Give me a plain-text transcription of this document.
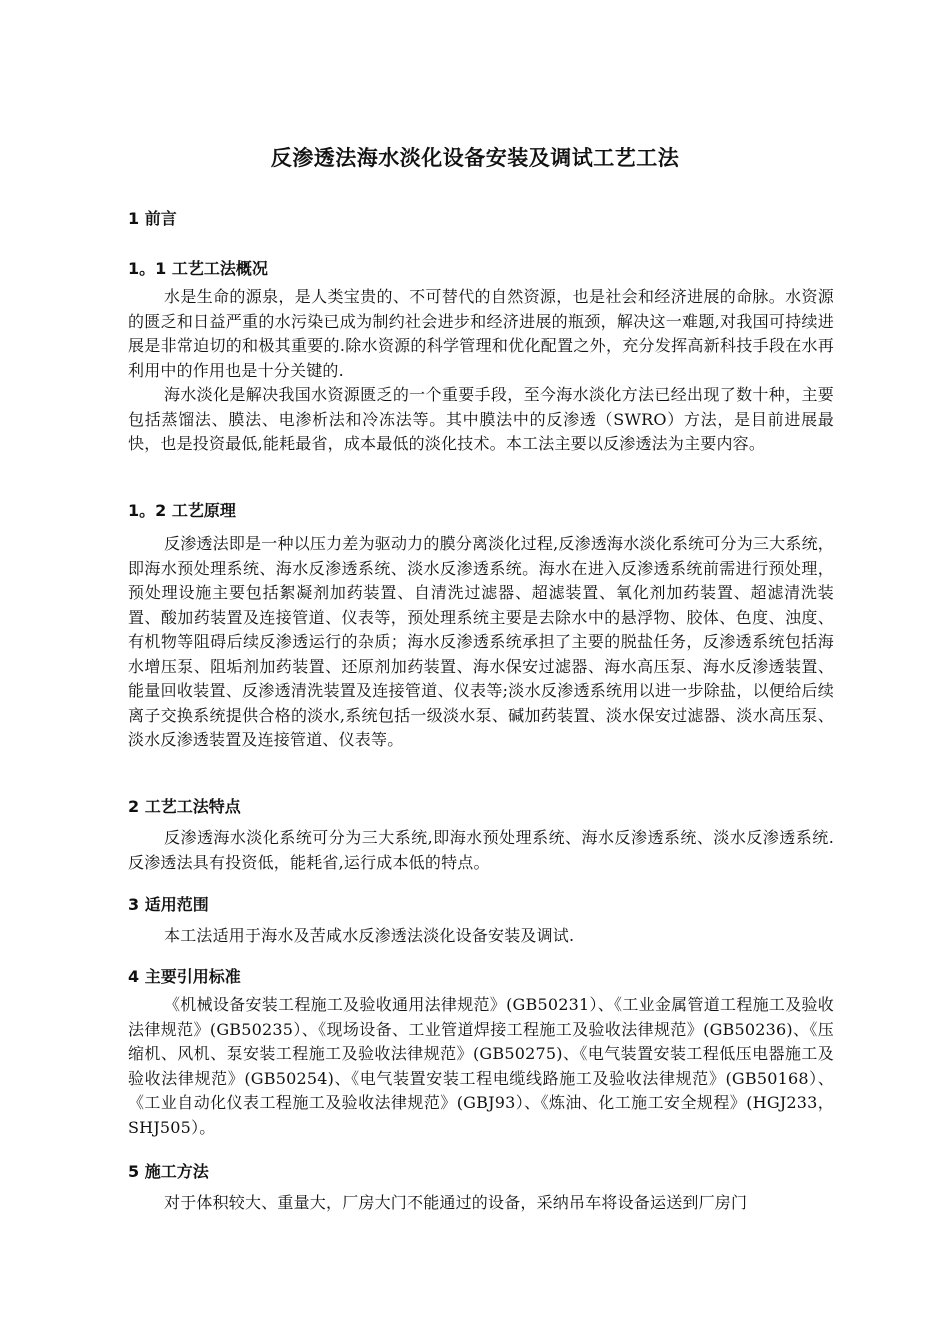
反渗透法海水淡化设备安装及调试工艺工法
1 前言
1。1 工艺工法概况

水是生命的源泉，是人类宝贵的、不可替代的自然资源，也是社会和经济进展的命脉。水资源的匮乏和日益严重的水污染已成为制约社会进步和经济进展的瓶颈，解决这一难题,对我国可持续进展是非常迫切的和极其重要的.除水资源的科学管理和优化配置之外，充分发挥高新科技手段在水再利用中的作用也是十分关键的.

海水淡化是解决我国水资源匮乏的一个重要手段，至今海水淡化方法已经出现了数十种，主要包括蒸馏法、膜法、电渗析法和冷冻法等。其中膜法中的反渗透（SWRO）方法，是目前进展最快，也是投资最低,能耗最省，成本最低的淡化技术。本工法主要以反渗透法为主要内容。

1。2 工艺原理

反渗透法即是一种以压力差为驱动力的膜分离淡化过程,反渗透海水淡化系统可分为三大系统，即海水预处理系统、海水反渗透系统、淡水反渗透系统。海水在进入反渗透系统前需进行预处理，预处理设施主要包括絮凝剂加药装置、自清洗过滤器、超滤装置、氧化剂加药装置、超滤清洗装置、酸加药装置及连接管道、仪表等，预处理系统主要是去除水中的悬浮物、胶体、色度、浊度、有机物等阻碍后续反渗透运行的杂质；海水反渗透系统承担了主要的脱盐任务，反渗透系统包括海水增压泵、阻垢剂加药装置、还原剂加药装置、海水保安过滤器、海水高压泵、海水反渗透装置、能量回收装置、反渗透清洗装置及连接管道、仪表等;淡水反渗透系统用以进一步除盐，以便给后续离子交换系统提供合格的淡水,系统包括一级淡水泵、碱加药装置、淡水保安过滤器、淡水高压泵、淡水反渗透装置及连接管道、仪表等。

2 工艺工法特点

反渗透海水淡化系统可分为三大系统,即海水预处理系统、海水反渗透系统、淡水反渗透系统.反渗透法具有投资低，能耗省,运行成本低的特点。

3 适用范围

本工法适用于海水及苦咸水反渗透法淡化设备安装及调试.

4 主要引用标准

《机械设备安装工程施工及验收通用法律规范》(GB50231）、《工业金属管道工程施工及验收法律规范》(GB50235）、《现场设备、工业管道焊接工程施工及验收法律规范》(GB50236)、《压缩机、风机、泵安装工程施工及验收法律规范》(GB50275)、《电气装置安装工程低压电器施工及验收法律规范》(GB50254)、《电气装置安装工程电缆线路施工及验收法律规范》(GB50168）、《工业自动化仪表工程施工及验收法律规范》(GBJ93）、《炼油、化工施工安全规程》(HGJ233，SHJ505）。

5 施工方法

对于体积较大、重量大，厂房大门不能通过的设备，采纳吊车将设备运送到厂房门
